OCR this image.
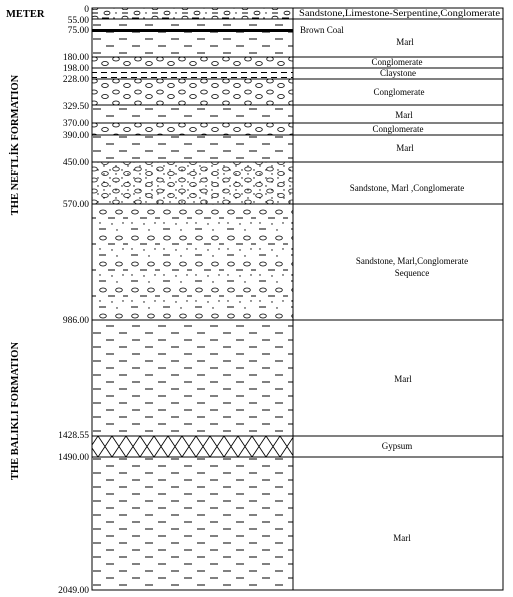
METER
THE NEFTLİK FORMATION
THE BALIKLI FORMATION
0
55.00
75.00
180.00
198.00
228.00
329.50
370.00
390.00
450.00
570.00
986.00
1428.55
1490.00
2049.00
Sandstone,Limestone-Serpentine,Conglomerate
Brown Coal
Marl
Conglomerate
Claystone
Conglomerate
Marl
Conglomerate
Marl
Sandstone, Marl ,Conglomerate
Sandstone, Marl,Conglomerate Sequence
Marl
Gypsum
Marl
